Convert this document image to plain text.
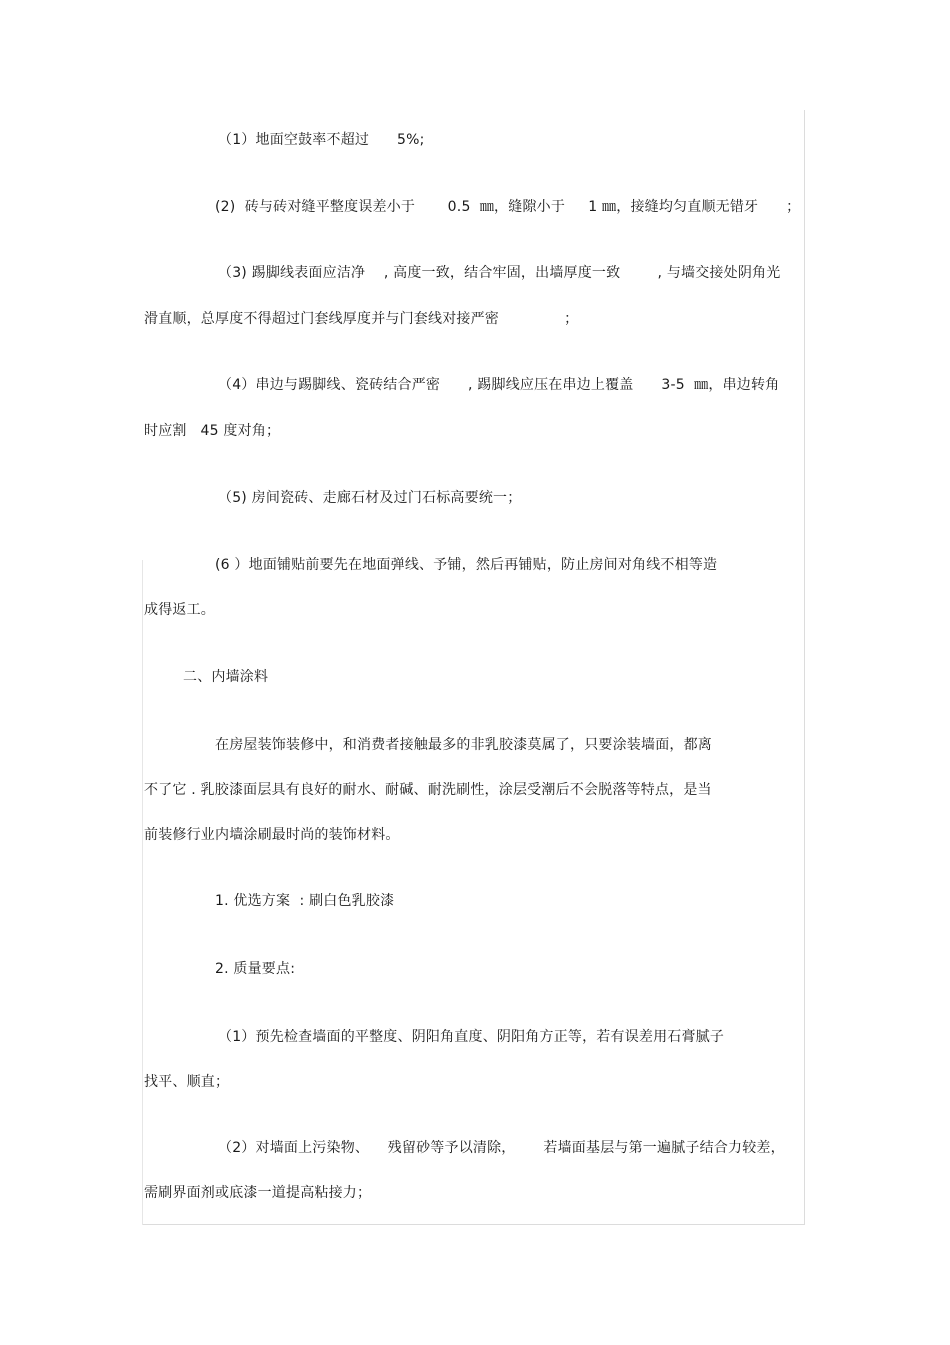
（1）地面空鼓率不超过      5%;
(2)  砖与砖对缝平整度误差小于       0.5  ㎜，缝隙小于     1 ㎜，接缝均匀直顺无错牙      ；
（3) 踢脚线表面应洁净    , 高度一致，结合牢固，出墙厚度一致        , 与墙交接处阴角光
滑直顺，总厚度不得超过门套线厚度并与门套线对接严密              ；
（4）串边与踢脚线、瓷砖结合严密      , 踢脚线应压在串边上覆盖      3-5  ㎜，串边转角
时应割   45 度对角；
（5) 房间瓷砖、走廊石材及过门石标高要统一；
(6 ）地面铺贴前要先在地面弹线、予铺，然后再铺贴，防止房间对角线不相等造
成得返工。
二、内墙涂料
在房屋装饰装修中，和消费者接触最多的非乳胶漆莫属了，只要涂装墙面，都离
不了它 . 乳胶漆面层具有良好的耐水、耐碱、耐洗刷性，涂层受潮后不会脱落等特点，是当
前装修行业内墙涂刷最时尚的装饰材料。
1. 优选方案  : 刷白色乳胶漆
2. 质量要点:
（1）预先检查墙面的平整度、阴阳角直度、阴阳角方正等，若有误差用石膏腻子
找平、顺直；
（2）对墙面上污染物、    残留砂等予以清除，      若墙面基层与第一遍腻子结合力较差，
需刷界面剂或底漆一道提高粘接力；
